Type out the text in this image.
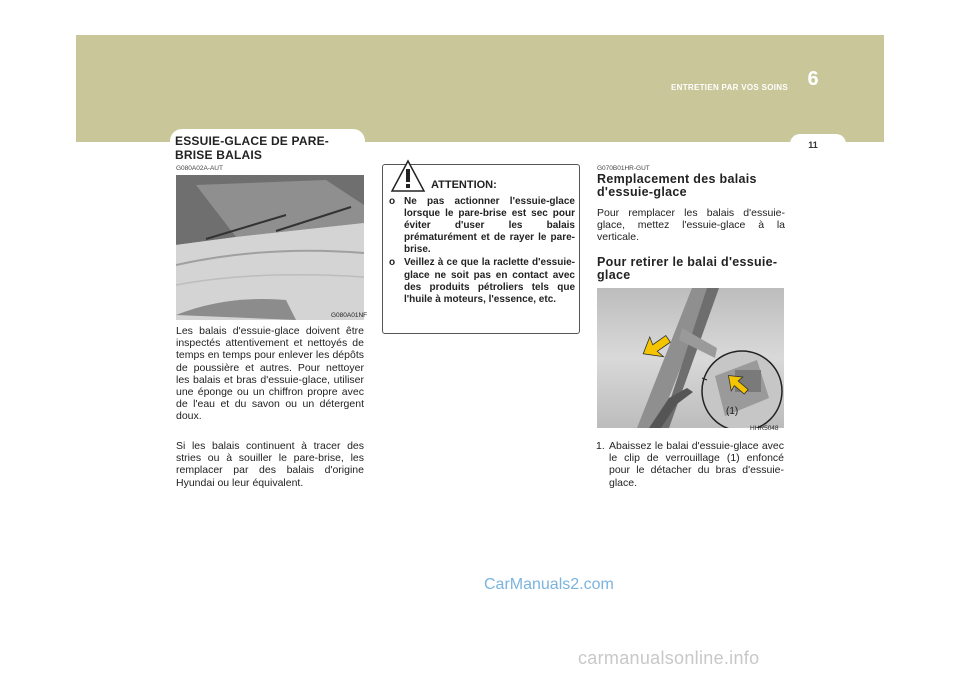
ENTRETIEN PAR VOS SOINS 6
11
ESSUIE-GLACE DE PARE-BRISE BALAIS
G080A02A-AUT
G080A01NF

Les balais d'essuie-glace doivent être inspectés attentivement et nettoyés de temps en temps pour enlever les dépôts de poussière et autres. Pour nettoyer les balais et bras d'essuie-glace, utiliser une éponge ou un chiffron propre avec de l'eau et du savon ou un détergent doux.

Si les balais continuent à tracer des stries ou à souiller le pare-brise, les remplacer par des balais d'origine Hyundai ou leur équivalent.

ATTENTION:
o Ne pas actionner l'essuie-glace lorsque le pare-brise est sec pour éviter d'user les balais prématurément et de rayer le pare-brise.
o Veillez à ce que la raclette d'essuie-glace ne soit pas en contact avec des produits pétroliers tels que l'huile à moteurs, l'essence, etc.
G070B01HR-GUT
Remplacement des balais d'essuie-glace

Pour remplacer les balais d'essuie-glace, mettez l'essuie-glace à la verticale.

Pour retirer le balai d'essuie-glace
(1)
HHR5048
1. Abaissez le balai d'essuie-glace avec le clip de verrouillage (1) enfoncé pour le détacher du bras d'essuie-glace.
CarManuals2.com
carmanualsonline.info
